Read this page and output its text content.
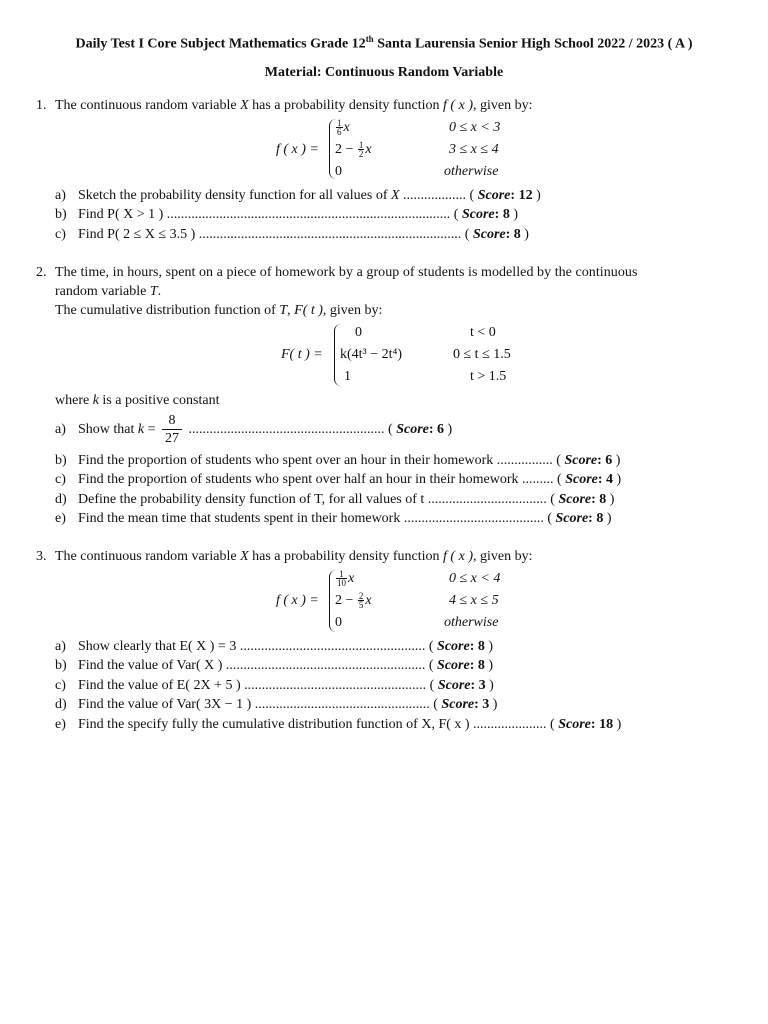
Daily Test I Core Subject Mathematics Grade 12th Santa Laurensia Senior High School 2022 / 2023 ( A )
Material: Continuous Random Variable
1. The continuous random variable X has a probability density function f ( x ), given by:
f ( x ) =
$\frac{1}{6}$ x	0 ≤ x < 3
$2 - \frac{1}{2}$ x	3 ≤ x ≤ 4
0	otherwise
a) Sketch the probability density function for all values of X .................. ( Score: 12 )
b) Find P( X > 1 ) ................................................................................. ( Score: 8 )
c) Find P( 2 ≤ X ≤ 3.5 ) ........................................................................... ( Score: 8 )
2. The time, in hours, spent on a piece of homework by a group of students is modelled by the continuous
random variable T.
The cumulative distribution function of T, F( t ), given by:
F( t ) =
0	t < 0
k(4t³ − 2t⁴)	0 ≤ t ≤ 1.5
1	t > 1.5
where k is a positive constant
a) Show that $k = \frac{8}{27}$ ........................................................ ( Score: 6 )
b) Find the proportion of students who spent over an hour in their homework ................ ( Score: 6 )
c) Find the proportion of students who spent over half an hour in their homework ......... ( Score: 4 )
d) Define the probability density function of T, for all values of t .................................. ( Score: 8 )
e) Find the mean time that students spent in their homework ........................................ ( Score: 8 )
3. The continuous random variable X has a probability density function f ( x ), given by:
f ( x ) =
$\frac{1}{10}$ x	0 ≤ x < 4
$2 - \frac{2}{5}$ x	4 ≤ x ≤ 5
0	otherwise
a) Show clearly that E( X ) = 3 ..................................................... ( Score: 8 )
b) Find the value of Var( X ) ......................................................... ( Score: 8 )
c) Find the value of E( 2X + 5 ) .................................................... ( Score: 3 )
d) Find the value of Var( 3X − 1 ) .................................................. ( Score: 3 )
e) Find the specify fully the cumulative distribution function of X, F( x ) ..................... ( Score: 18 )
